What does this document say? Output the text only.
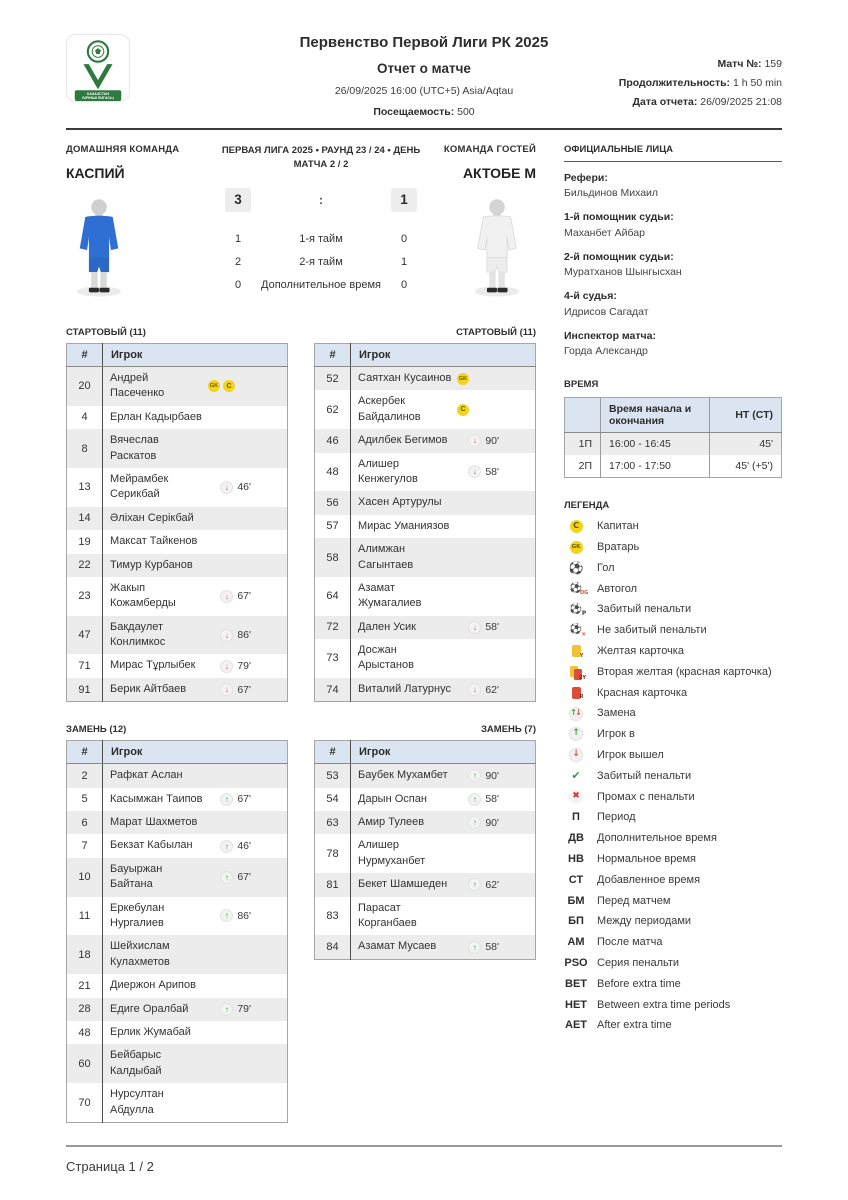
КАЗАХСТАН
БІРІНШІ ЛИГАСЫ
Первенство Первой Лиги РК 2025
Отчет о матче
26/09/2025 16:00 (UTC+5) Asia/Aqtau
Посещаемость: 500
Матч №: 159
Продолжительность: 1 h 50 min
Дата отчета: 26/09/2025 21:08
ДОМАШНЯЯ КОМАНДА
КАСПИЙ
ПЕРВАЯ ЛИГА 2025 • РАУНД 23 / 24 • ДЕНЬ МАТЧА 2 / 2
3	:	1
1	1-я тайм	0
2	2-я тайм	1
0	Дополнительное время	0
КОМАНДА ГОСТЕЙ
АКТОБЕ М
СТАРТОВЫЙ (11)
#	Игрок
20	Андрей Пасеченко
GK
C

4	Ерлан Кадырбаев

8	Вячеслав Раскатов

13	Мейрамбек Серикбай
↓
46'

14	Әліхан Серікбай

19	Максат Тайкенов

22	Тимур Курбанов

23	Жакып Кожамберды
↓
67'

47	Бакдаулет Конлимкос
↓
86'

71	Мирас Тұрлыбек ↓ 79'

91	Берик Айтбаев ↓ 67'
СТАРТОВЫЙ (11)
#	Игрок
52	Саятхан Кусаинов
GK

62	Аскербек Байдалинов
C

46	Адилбек Бегимов ↓ 90'

48	Алишер Кенжегулов
↓
58'

56	Хасен Артурулы

57	Мирас Уманиязов

58	Алимжан Сагынтаев

64	Азамат Жумагалиев

72	Дален Усик ↓ 58'

73	Досжан Арыстанов

74	Виталий Латурнус ↓ 62'
ЗАМЕНЬ (12)
#	Игрок
2	Рафкат Аслан

5	Касымжан Таипов ↑ 67'

6	Марат Шахметов

7	Бекзат Кабылан ↑ 46'

10	Бауыржан Байтана
↑
67'

11	Еркебулан Нургалиев
↑
86'

18	Шейхислам Кулахметов

21	Диержон Арипов

28	Едиге Оралбай ↑ 79'

48	Ерлик Жумабай

60	Бейбарыс Калдыбай

70	Нурсултан Абдулла
ЗАМЕНЬ (7)
#	Игрок
53	Баубек Мухамбет ↑ 90'

54	Дарын Оспан ↑ 58'

63	Амир Тулеев ↑ 90'

78	Алишер Нурмуханбет

81	Бекет Шамшеден ↑ 62'

83	Парасат Корганбаев

84	Азамат Мусаев ↑ 58'
ОФИЦИАЛЬНЫЕ ЛИЦА
Рефери:
Бильдинов Михаил
1-й помощник судьи:
Маханбет Айбар
2-й помощник судьи:
Муратханов Шынгысхан
4-й судья:
Идрисов Сагадат
Инспектор матча:
Горда Александр
ВРЕМЯ
	Время начала и окончания	НТ (СТ)
1П	16:00 - 16:45	45'
2П	17:00 - 17:50	45' (+5')
ЛЕГЕНДА
C
Капитан
GK
Вратарь
⚽
Гол
⚽ OG
Автогол
⚽ P
Забитый пенальти
⚽ ✕
Не забитый пенальти
Y
Желтая карточка
2Y
Вторая желтая (красная карточка)
R
Красная карточка
↑ ↓
Замена
↑
Игрок в
↓
Игрок вышел
✔
Забитый пенальти
✖
Промах с пенальти
П	Период
ДВ	Дополнительное время
НВ	Нормальное время
СТ	Добавленное время
БМ	Перед матчем
БП	Между периодами
АМ	После матча
PSO Серия пенальти
BET Before extra time
HET Between extra time periods
AET After extra time
Страница 1 / 2
